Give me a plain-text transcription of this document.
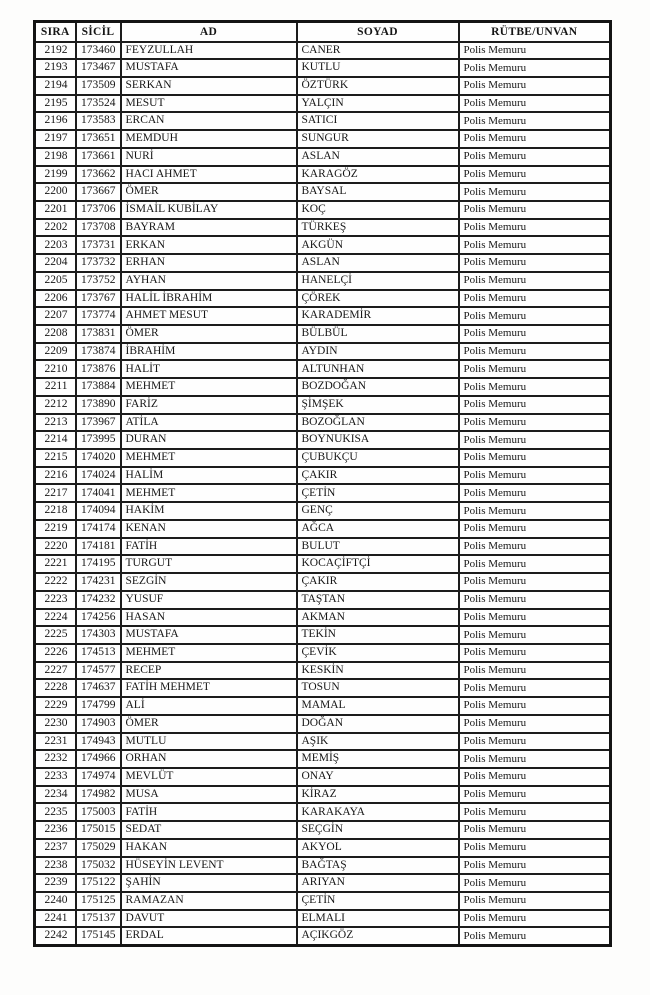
SIRA	SİCİL	AD	SOYAD	RÜTBE/UNVAN
2192	173460	FEYZULLAH	CANER	Polis Memuru
2193	173467	MUSTAFA	KUTLU	Polis Memuru
2194	173509	SERKAN	ÖZTÜRK	Polis Memuru
2195	173524	MESUT	YALÇIN	Polis Memuru
2196	173583	ERCAN	SATICI	Polis Memuru
2197	173651	MEMDUH	SUNGUR	Polis Memuru
2198	173661	NURİ	ASLAN	Polis Memuru
2199	173662	HACI AHMET	KARAGÖZ	Polis Memuru
2200	173667	ÖMER	BAYSAL	Polis Memuru
2201	173706	İSMAİL KUBİLAY	KOÇ	Polis Memuru
2202	173708	BAYRAM	TÜRKEŞ	Polis Memuru
2203	173731	ERKAN	AKGÜN	Polis Memuru
2204	173732	ERHAN	ASLAN	Polis Memuru
2205	173752	AYHAN	HANELÇİ	Polis Memuru
2206	173767	HALİL İBRAHİM	ÇÖREK	Polis Memuru
2207	173774	AHMET MESUT	KARADEMİR	Polis Memuru
2208	173831	ÖMER	BÜLBÜL	Polis Memuru
2209	173874	İBRAHİM	AYDIN	Polis Memuru
2210	173876	HALİT	ALTUNHAN	Polis Memuru
2211	173884	MEHMET	BOZDOĞAN	Polis Memuru
2212	173890	FARİZ	ŞİMŞEK	Polis Memuru
2213	173967	ATİLA	BOZOĞLAN	Polis Memuru
2214	173995	DURAN	BOYNUKISA	Polis Memuru
2215	174020	MEHMET	ÇUBUKÇU	Polis Memuru
2216	174024	HALİM	ÇAKIR	Polis Memuru
2217	174041	MEHMET	ÇETİN	Polis Memuru
2218	174094	HAKİM	GENÇ	Polis Memuru
2219	174174	KENAN	AĞCA	Polis Memuru
2220	174181	FATİH	BULUT	Polis Memuru
2221	174195	TURGUT	KOCAÇİFTÇİ	Polis Memuru
2222	174231	SEZGİN	ÇAKIR	Polis Memuru
2223	174232	YUSUF	TAŞTAN	Polis Memuru
2224	174256	HASAN	AKMAN	Polis Memuru
2225	174303	MUSTAFA	TEKİN	Polis Memuru
2226	174513	MEHMET	ÇEVİK	Polis Memuru
2227	174577	RECEP	KESKİN	Polis Memuru
2228	174637	FATİH MEHMET	TOSUN	Polis Memuru
2229	174799	ALİ	MAMAL	Polis Memuru
2230	174903	ÖMER	DOĞAN	Polis Memuru
2231	174943	MUTLU	AŞIK	Polis Memuru
2232	174966	ORHAN	MEMİŞ	Polis Memuru
2233	174974	MEVLÜT	ONAY	Polis Memuru
2234	174982	MUSA	KİRAZ	Polis Memuru
2235	175003	FATİH	KARAKAYA	Polis Memuru
2236	175015	SEDAT	SEÇGİN	Polis Memuru
2237	175029	HAKAN	AKYOL	Polis Memuru
2238	175032	HÜSEYİN LEVENT	BAĞTAŞ	Polis Memuru
2239	175122	ŞAHİN	ARIYAN	Polis Memuru
2240	175125	RAMAZAN	ÇETİN	Polis Memuru
2241	175137	DAVUT	ELMALI	Polis Memuru
2242	175145	ERDAL	AÇIKGÖZ	Polis Memuru
